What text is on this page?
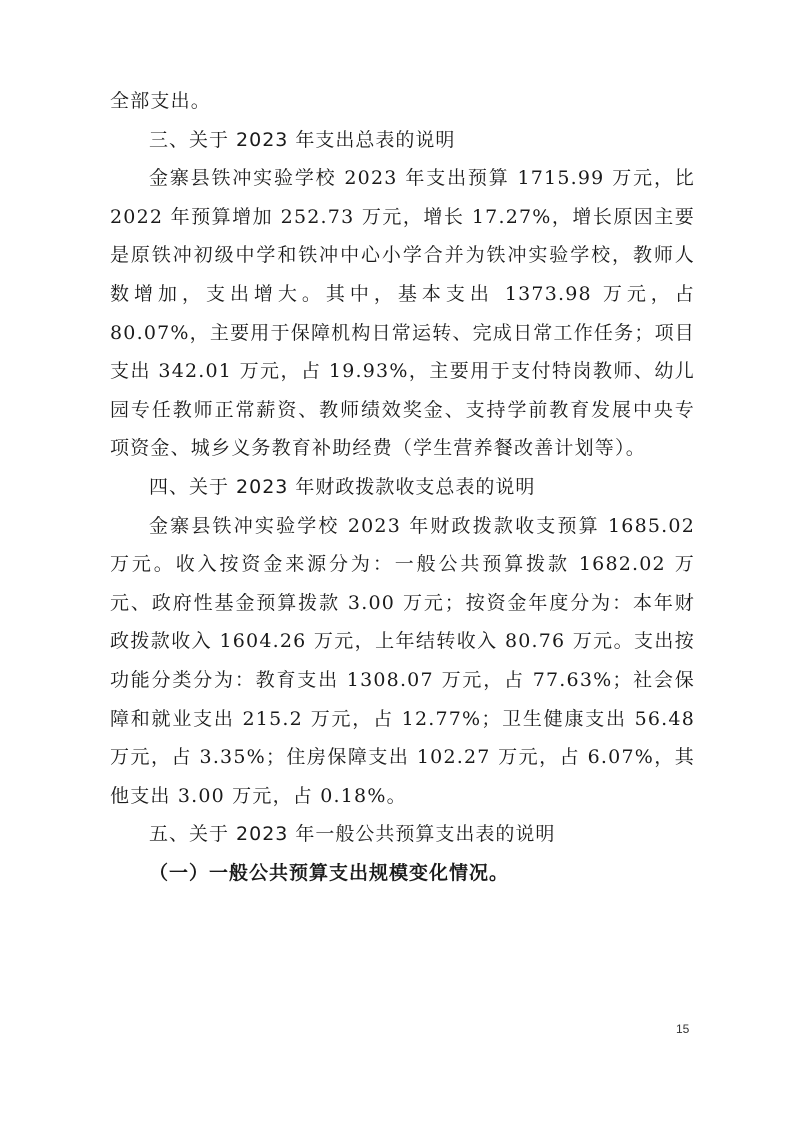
全部支出。

三、关于 2023 年支出总表的说明

金寨县铁冲实验学校 2023 年支出预算 1715.99 万元，比 2022 年预算增加 252.73 万元，增长 17.27%，增长原因主要是原铁冲初级中学和铁冲中心小学合并为铁冲实验学校，教师人数增加，支出增大。其中，基本支出 1373.98 万元，占 80.07%，主要用于保障机构日常运转、完成日常工作任务；项目支出 342.01 万元，占 19.93%，主要用于支付特岗教师、幼儿园专任教师正常薪资、教师绩效奖金、支持学前教育发展中央专项资金、城乡义务教育补助经费（学生营养餐改善计划等）。

四、关于 2023 年财政拨款收支总表的说明

金寨县铁冲实验学校 2023 年财政拨款收支预算 1685.02 万元。收入按资金来源分为：一般公共预算拨款 1682.02 万元、政府性基金预算拨款 3.00 万元；按资金年度分为：本年财政拨款收入 1604.26 万元，上年结转收入 80.76 万元。支出按功能分类分为：教育支出 1308.07 万元，占 77.63%；社会保障和就业支出 215.2 万元，占 12.77%；卫生健康支出 56.48 万元，占 3.35%；住房保障支出 102.27 万元，占 6.07%，其他支出 3.00 万元，占 0.18%。

五、关于 2023 年一般公共预算支出表的说明

（一）一般公共预算支出规模变化情况。

15
